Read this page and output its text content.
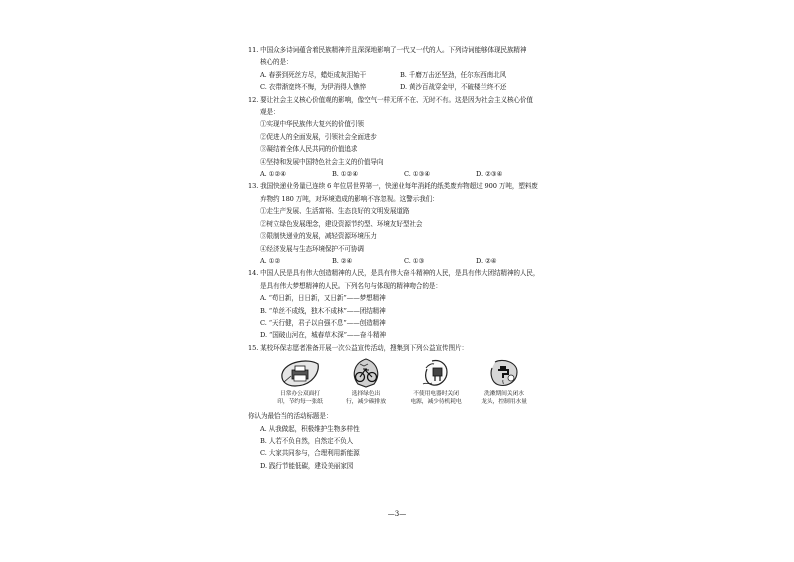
11. 中国众多诗词蕴含着民族精神并且深深地影响了一代又一代的人。下列诗词能够体现民族精神
核心的是：
A. 春蚕到死丝方尽，蜡炬成灰泪始干	B. 千磨万击还坚劲，任尔东西南北风
C. 衣带渐宽终不悔，为伊消得人憔悴	D. 黄沙百战穿金甲，不破楼兰终不还
12. 要让社会主义核心价值观的影响，像空气一样无所不在、无时不有。这是因为社会主义核心价值
观是：
①实现中华民族伟大复兴的价值引领
②促进人的全面发展，引领社会全面进步
③凝结着全体人民共同的价值追求
④坚持和发展中国特色社会主义的价值导向
A. ①②④	B. ①②④	C. ①③④	D. ②③④
13. 我国快递业务量已连续 6 年位居世界第一，快递业每年消耗的纸类废弃物超过 900 万吨，塑料废
弃物约 180 万吨，对环境造成的影响不容忽视。这警示我们：
①走生产发展、生活富裕、生态良好的文明发展道路
②树立绿色发展理念，建设资源节约型、环境友好型社会
③限制快递业的发展，减轻资源环境压力
④经济发展与生态环境保护不可协调
A. ①②	B. ②④	C. ①③	D. ②④
14. 中国人民是具有伟大创造精神的人民，是具有伟大奋斗精神的人民，是具有伟大团结精神的人民，
是具有伟大梦想精神的人民。下列名句与体现的精神吻合的是：
A. “苟日新，日日新，又日新”——梦想精神
B. “单丝不成线，独木不成林”——团结精神
C. “天行健，君子以自强不息”——创造精神
D. “国破山河在，城春草木深”——奋斗精神
15. 某校环保志愿者准备开展一次公益宣传活动，搜集到下列公益宣传图片：
日常办公双面打
印，节约每一张纸
选择绿色出
行，减少碳排放
不使用电器时关闭
电源，减少待机耗电
洗漱期间关闭水
龙头，控制用水量
你认为最恰当的活动标题是：
A. 从我做起，积极维护生物多样性
B. 人若不负自然，自然定不负人
C. 大家共同参与，合理利用新能源
D. 践行节能低碳，建设美丽家园
—3—
